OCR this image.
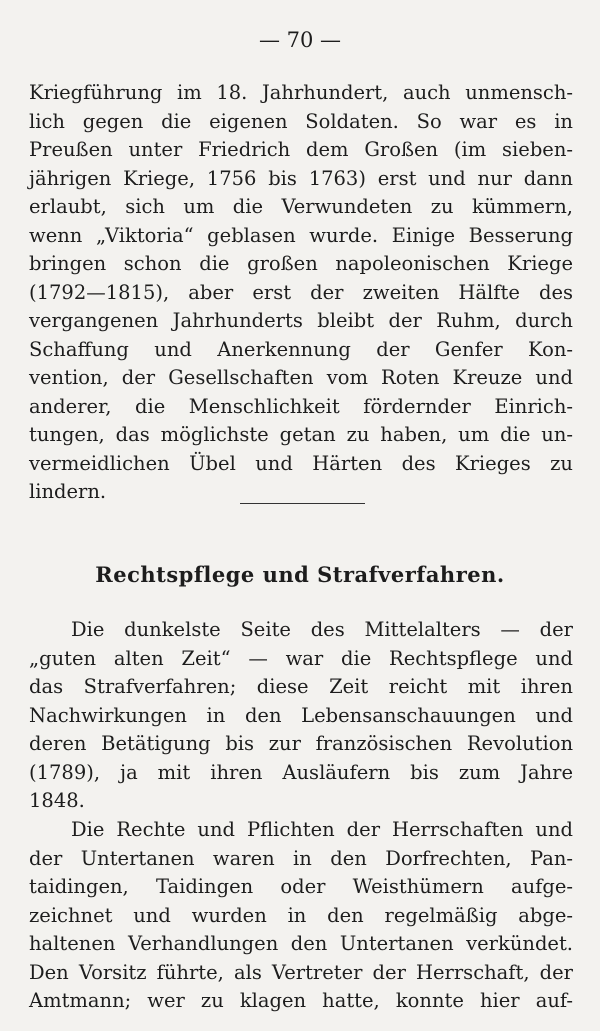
— 70 —
Kriegführung im 18. Jahrhundert, auch unmensch-
lich gegen die eigenen Soldaten. So war es in
Preußen unter Friedrich dem Großen (im sieben-
jährigen Kriege, 1756 bis 1763) erst und nur dann
erlaubt, sich um die Verwundeten zu kümmern,
wenn „Viktoria“ geblasen wurde. Einige Besserung
bringen schon die großen napoleonischen Kriege
(1792—1815), aber erst der zweiten Hälfte des
vergangenen Jahrhunderts bleibt der Ruhm, durch
Schaffung und Anerkennung der Genfer Kon-
vention, der Gesellschaften vom Roten Kreuze und
anderer, die Menschlichkeit fördernder Einrich-
tungen, das möglichste getan zu haben, um die un-
vermeidlichen Übel und Härten des Krieges zu
lindern.
Rechtspflege und Strafverfahren.
Die dunkelste Seite des Mittelalters — der
„guten alten Zeit“ — war die Rechtspflege und
das Strafverfahren; diese Zeit reicht mit ihren
Nachwirkungen in den Lebensanschauungen und
deren Betätigung bis zur französischen Revolution
(1789), ja mit ihren Ausläufern bis zum Jahre
1848.
Die Rechte und Pflichten der Herrschaften und
der Untertanen waren in den Dorfrechten, Pan-
taidingen, Taidingen oder Weisthümern aufge-
zeichnet und wurden in den regelmäßig abge-
haltenen Verhandlungen den Untertanen verkündet.
Den Vorsitz führte, als Vertreter der Herrschaft, der
Amtmann; wer zu klagen hatte, konnte hier auf-
